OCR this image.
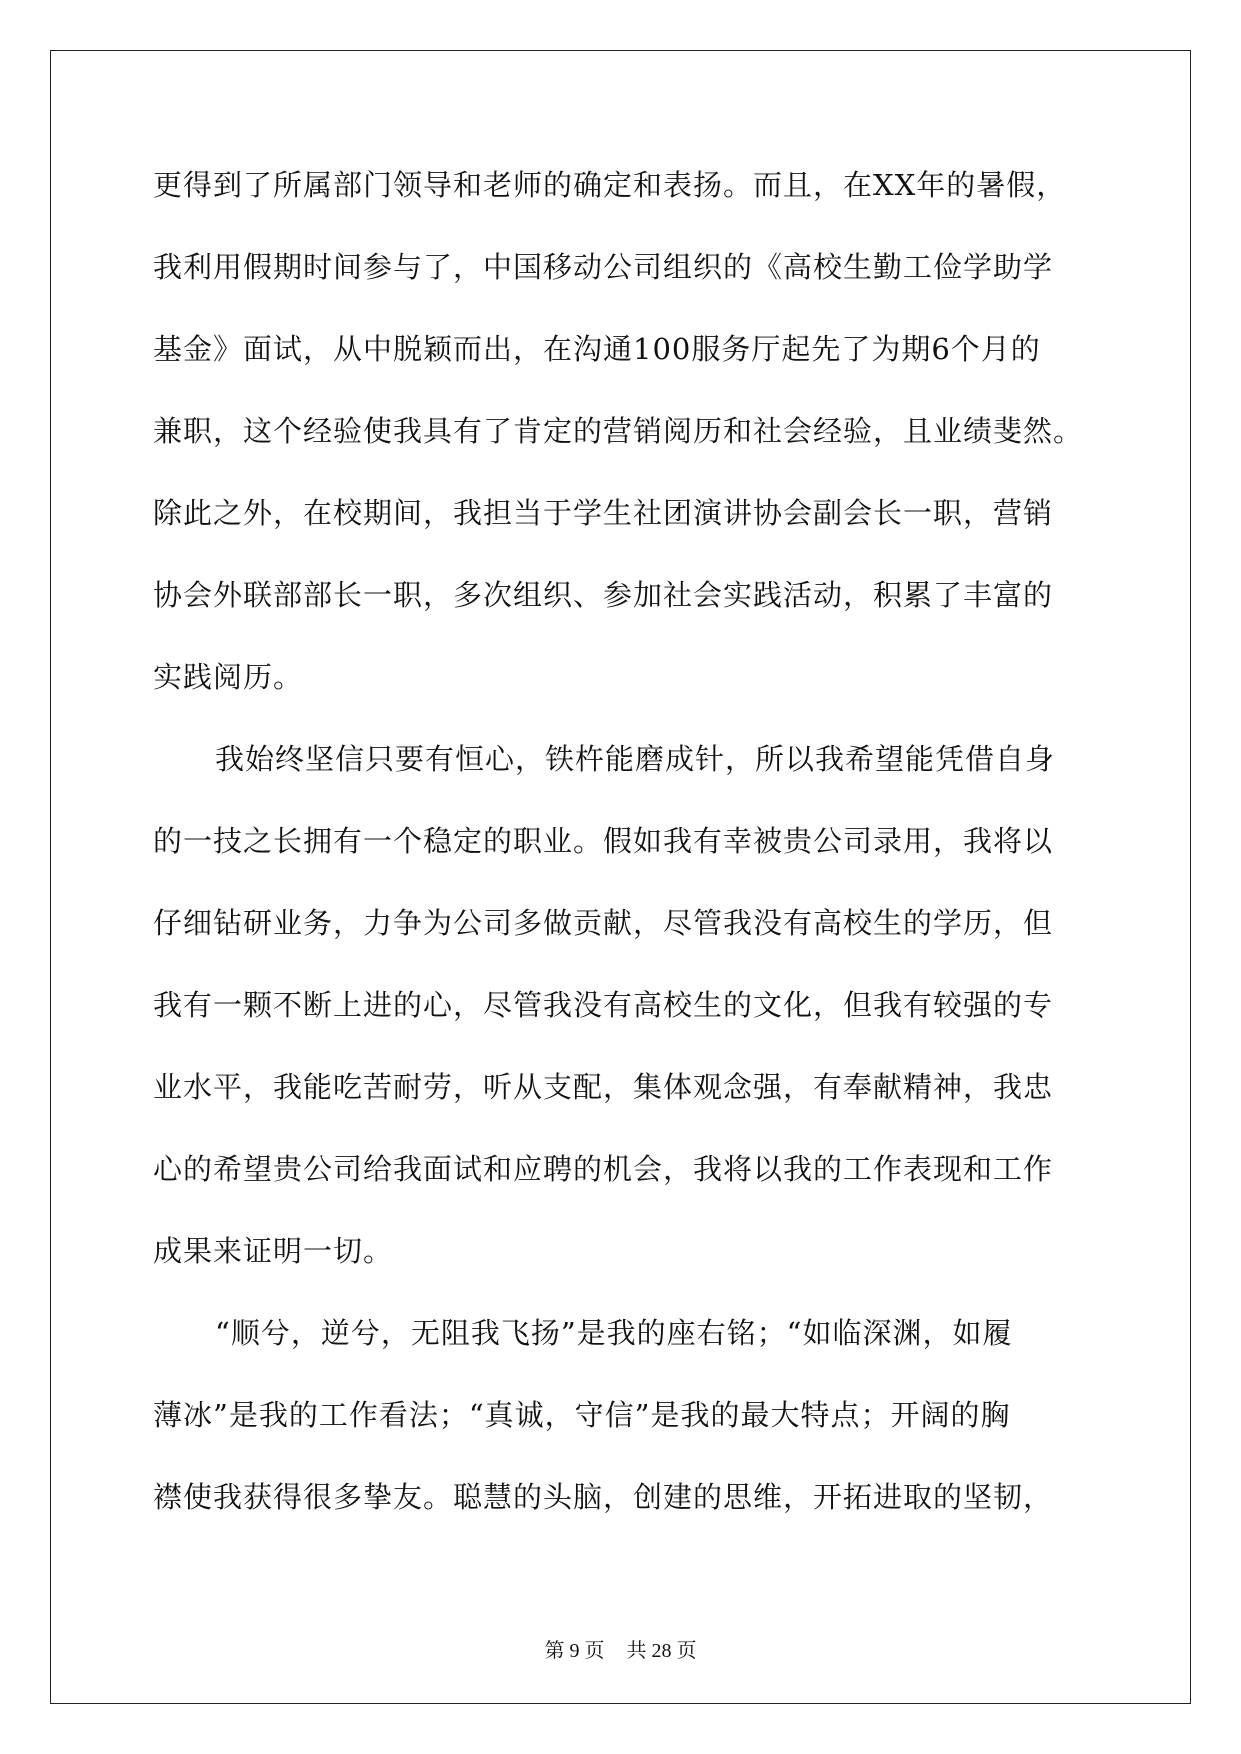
更得到了所属部门领导和老师的确定和表扬。而且，在XX年的暑假，
我利用假期时间参与了，中国移动公司组织的《高校生勤工俭学助学
基金》面试，从中脱颖而出，在沟通100服务厅起先了为期6个月的
兼职，这个经验使我具有了肯定的营销阅历和社会经验，且业绩斐然。
除此之外，在校期间，我担当于学生社团演讲协会副会长一职，营销
协会外联部部长一职，多次组织、参加社会实践活动，积累了丰富的
实践阅历。
我始终坚信只要有恒心，铁杵能磨成针，所以我希望能凭借自身
的一技之长拥有一个稳定的职业。假如我有幸被贵公司录用，我将以
仔细钻研业务，力争为公司多做贡献，尽管我没有高校生的学历，但
我有一颗不断上进的心，尽管我没有高校生的文化，但我有较强的专
业水平，我能吃苦耐劳，听从支配，集体观念强，有奉献精神，我忠
心的希望贵公司给我面试和应聘的机会，我将以我的工作表现和工作
成果来证明一切。
“顺兮，逆兮，无阻我飞扬”是我的座右铭；“如临深渊，如履
薄冰”是我的工作看法；“真诚，守信”是我的最大特点；开阔的胸
襟使我获得很多挚友。聪慧的头脑，创建的思维，开拓进取的坚韧，
第 9 页 共 28 页
